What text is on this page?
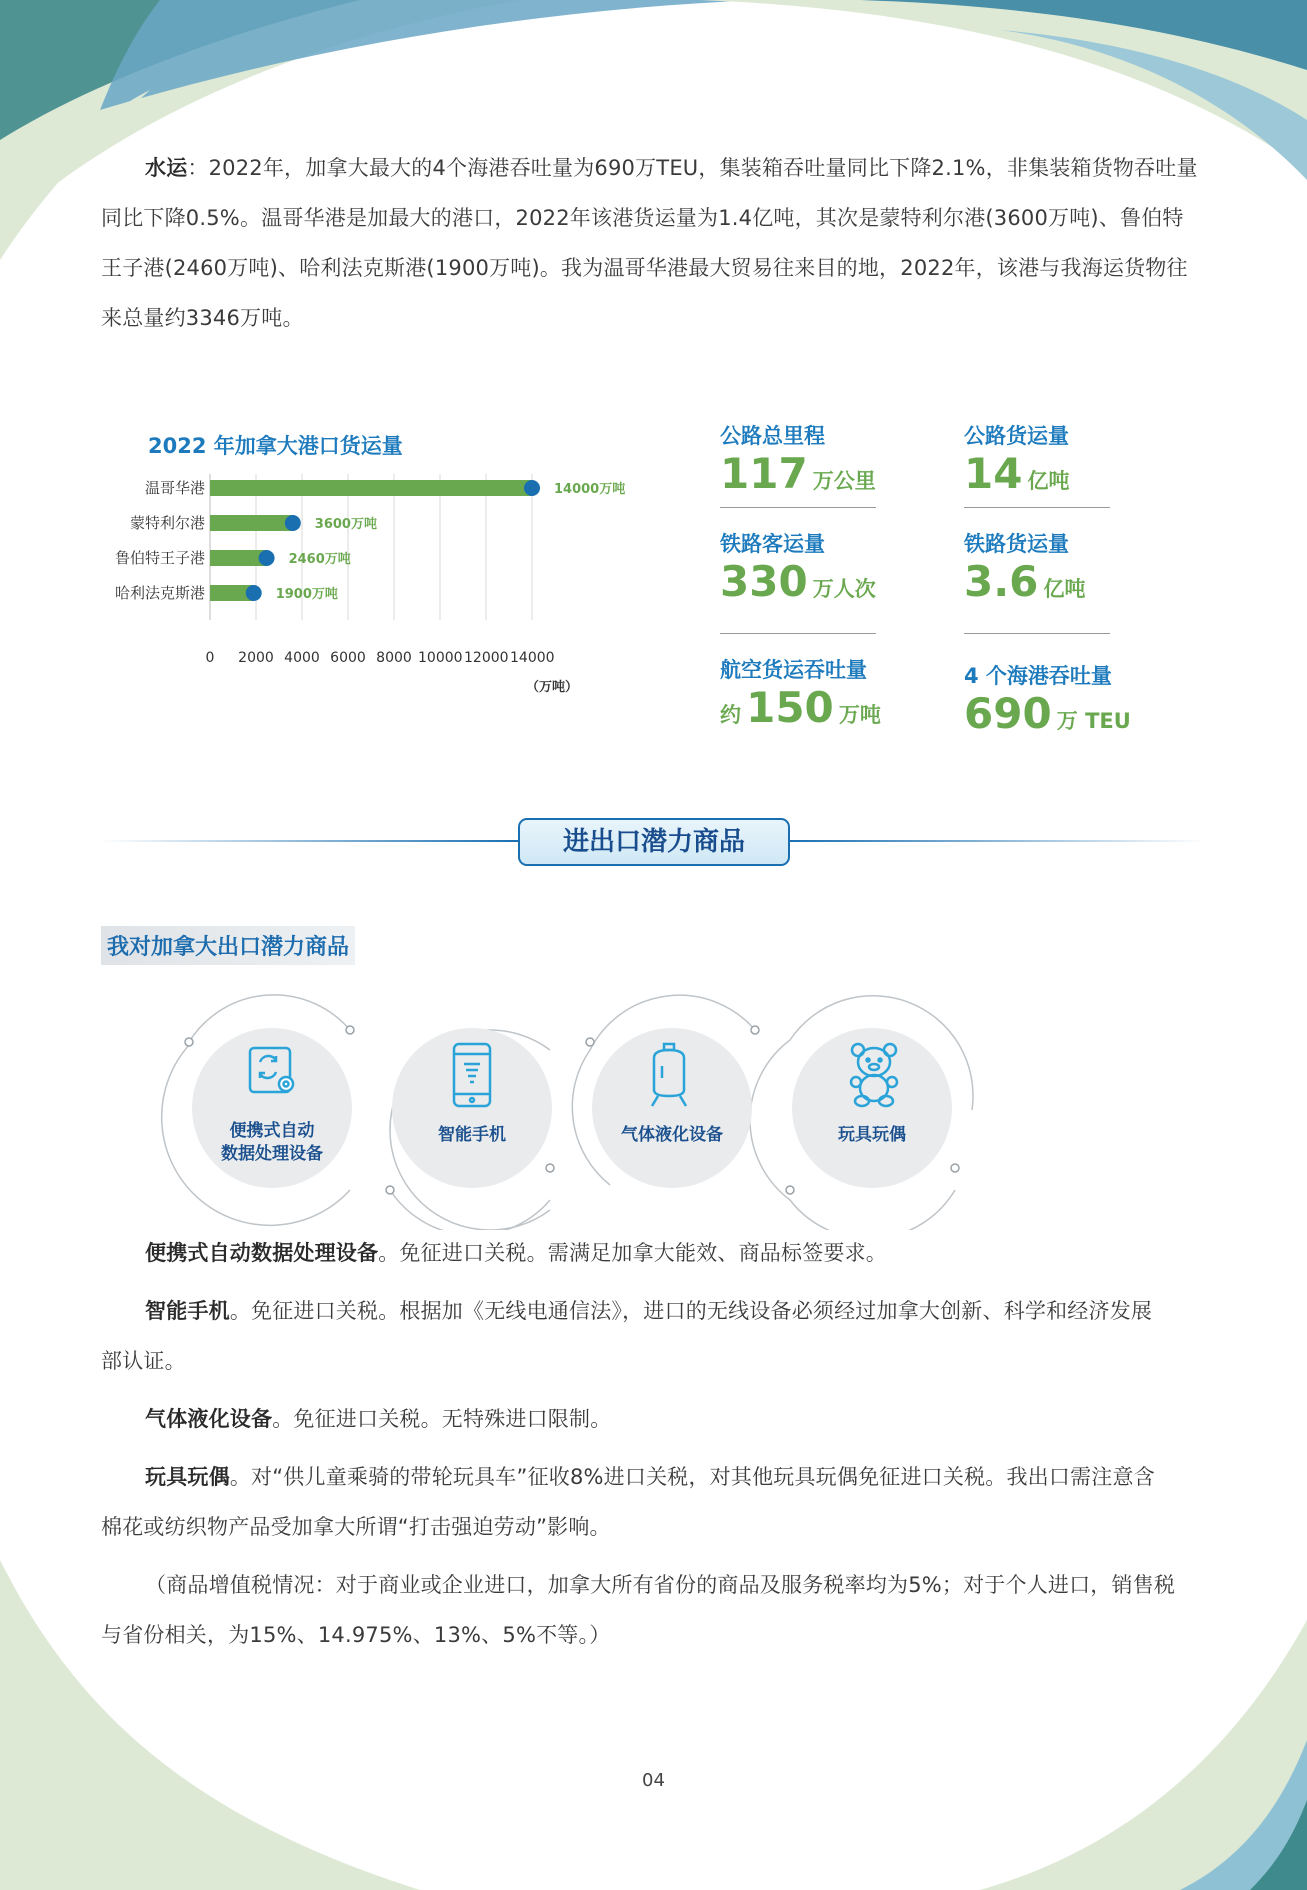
水运：2022年，加拿大最大的4个海港吞吐量为690万TEU，集装箱吞吐量同比下降2.1%，非集装箱货物吞吐量
同比下降0.5%。温哥华港是加最大的港口，2022年该港货运量为1.4亿吨，其次是蒙特利尔港(3600万吨)、鲁伯特
王子港(2460万吨)、哈利法克斯港(1900万吨)。我为温哥华港最大贸易往来目的地，2022年，该港与我海运货物往
来总量约3346万吨。
2022 年加拿大港口货运量
14000万吨
3600万吨
2460万吨
1900万吨
温哥华港
蒙特利尔港
鲁伯特王子港
哈利法克斯港
0	2000 4000 6000 8000 10000 12000 14000
（万吨）
公路总里程
117 万公里
公路货运量
14 亿吨
铁路客运量
330 万人次
铁路货运量
3.6 亿吨
航空货运吞吐量
约 150 万吨
4 个海港吞吐量
690 万 TEU
进出口潜力商品
我对加拿大出口潜力商品
便携式自动
数据处理设备
智能手机	气体液化设备	玩具玩偶
便携式自动数据处理设备。免征进口关税。需满足加拿大能效、商品标签要求。
智能手机。免征进口关税。根据加《无线电通信法》，进口的无线设备必须经过加拿大创新、科学和经济发展
部认证。
气体液化设备。免征进口关税。无特殊进口限制。
玩具玩偶。对“供儿童乘骑的带轮玩具车”征收8%进口关税，对其他玩具玩偶免征进口关税。我出口需注意含
棉花或纺织物产品受加拿大所谓“打击强迫劳动”影响。
（商品增值税情况：对于商业或企业进口，加拿大所有省份的商品及服务税率均为5%；对于个人进口，销售税
与省份相关，为15%、14.975%、13%、5%不等。）
04
